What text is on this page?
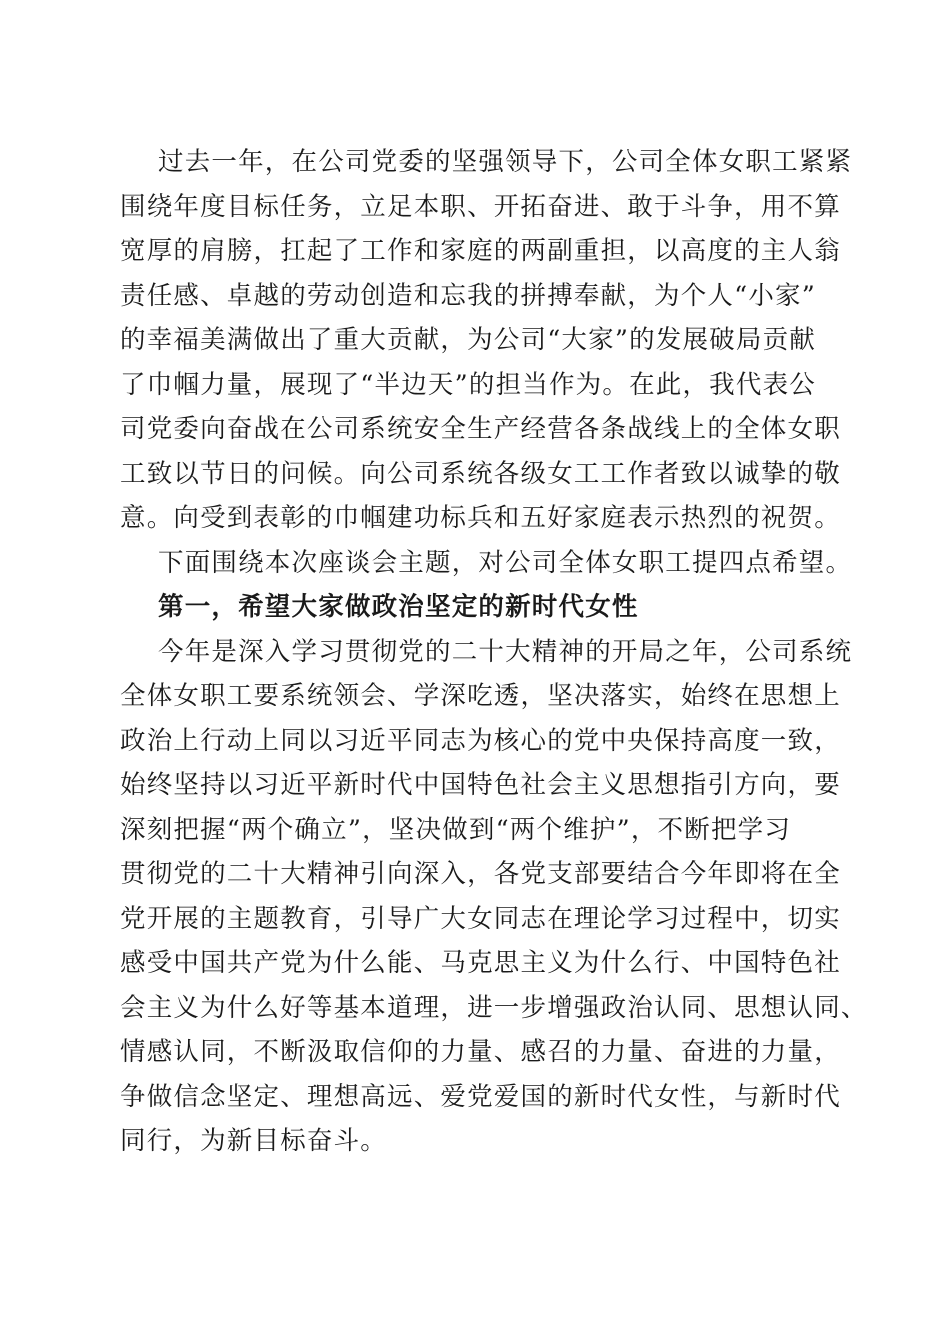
过去一年，在公司党委的坚强领导下，公司全体女职工紧紧
围绕年度目标任务，立足本职、开拓奋进、敢于斗争，用不算
宽厚的肩膀，扛起了工作和家庭的两副重担，以高度的主人翁
责任感、卓越的劳动创造和忘我的拼搏奉献，为个人“小家”
的幸福美满做出了重大贡献，为公司“大家”的发展破局贡献
了巾帼力量，展现了“半边天”的担当作为。在此，我代表公
司党委向奋战在公司系统安全生产经营各条战线上的全体女职
工致以节日的问候。向公司系统各级女工工作者致以诚挚的敬
意。向受到表彰的巾帼建功标兵和五好家庭表示热烈的祝贺。
下面围绕本次座谈会主题，对公司全体女职工提四点希望。
第一，希望大家做政治坚定的新时代女性
今年是深入学习贯彻党的二十大精神的开局之年，公司系统
全体女职工要系统领会、学深吃透，坚决落实，始终在思想上
政治上行动上同以习近平同志为核心的党中央保持高度一致，
始终坚持以习近平新时代中国特色社会主义思想指引方向，要
深刻把握“两个确立”，坚决做到“两个维护”，不断把学习
贯彻党的二十大精神引向深入，各党支部要结合今年即将在全
党开展的主题教育，引导广大女同志在理论学习过程中，切实
感受中国共产党为什么能、马克思主义为什么行、中国特色社
会主义为什么好等基本道理，进一步增强政治认同、思想认同、
情感认同，不断汲取信仰的力量、感召的力量、奋进的力量，
争做信念坚定、理想高远、爱党爱国的新时代女性，与新时代
同行，为新目标奋斗。
